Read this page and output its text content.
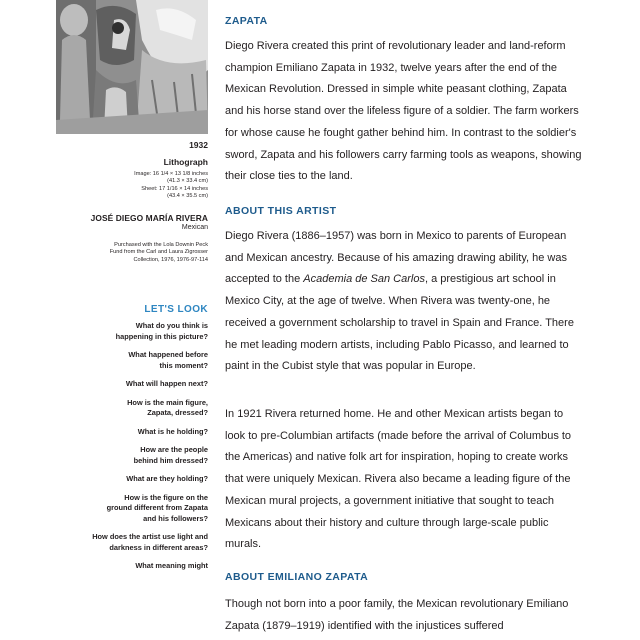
1932
Lithograph
Image: 16 1/4 × 13 1/8 inches
(41.3 × 33.4 cm)
Sheet: 17 1/16 × 14 inches
(43.4 × 35.5 cm)
JOSÉ DIEGO MARÍA RIVERA
Mexican
Purchased with the Lola Downin Peck
Fund from the Carl and Laura Zigrosser
Collection, 1976, 1976-97-114
LET'S LOOK

What do you think is

happening in this picture?

What happened before

this moment?

What will happen next?

How is the main figure,

Zapata, dressed?

What is he holding?

How are the people

behind him dressed?

What are they holding?

How is the figure on the

ground different from Zapata

and his followers?

How does the artist use light and

darkness in different areas?

What meaning might

ZAPATA

Diego Rivera created this print of revolutionary leader and land-reform champion Emiliano Zapata in 1932, twelve years after the end of the Mexican Revolution. Dressed in simple white peasant clothing, Zapata and his horse stand over the lifeless figure of a soldier. The farm workers for whose cause he fought gather behind him. In contrast to the soldier's sword, Zapata and his followers carry farming tools as weapons, showing their close ties to the land.

ABOUT THIS ARTIST

Diego Rivera (1886–1957) was born in Mexico to parents of European and Mexican ancestry. Because of his amazing drawing ability, he was accepted to the Academia de San Carlos, a prestigious art school in Mexico City, at the age of twelve. When Rivera was twenty-one, he received a government scholarship to travel in Spain and France. There he met leading modern artists, including Pablo Picasso, and learned to paint in the Cubist style that was popular in Europe.

In 1921 Rivera returned home. He and other Mexican artists began to look to pre-Columbian artifacts (made before the arrival of Columbus to the Americas) and native folk art for inspiration, hoping to create works that were uniquely Mexican. Rivera also became a leading figure of the Mexican mural projects, a government initiative that sought to teach Mexicans about their history and culture through large-scale public murals.

ABOUT EMILIANO ZAPATA

Though not born into a poor family, the Mexican revolutionary Emiliano Zapata (1879–1919) identified with the injustices suffered
